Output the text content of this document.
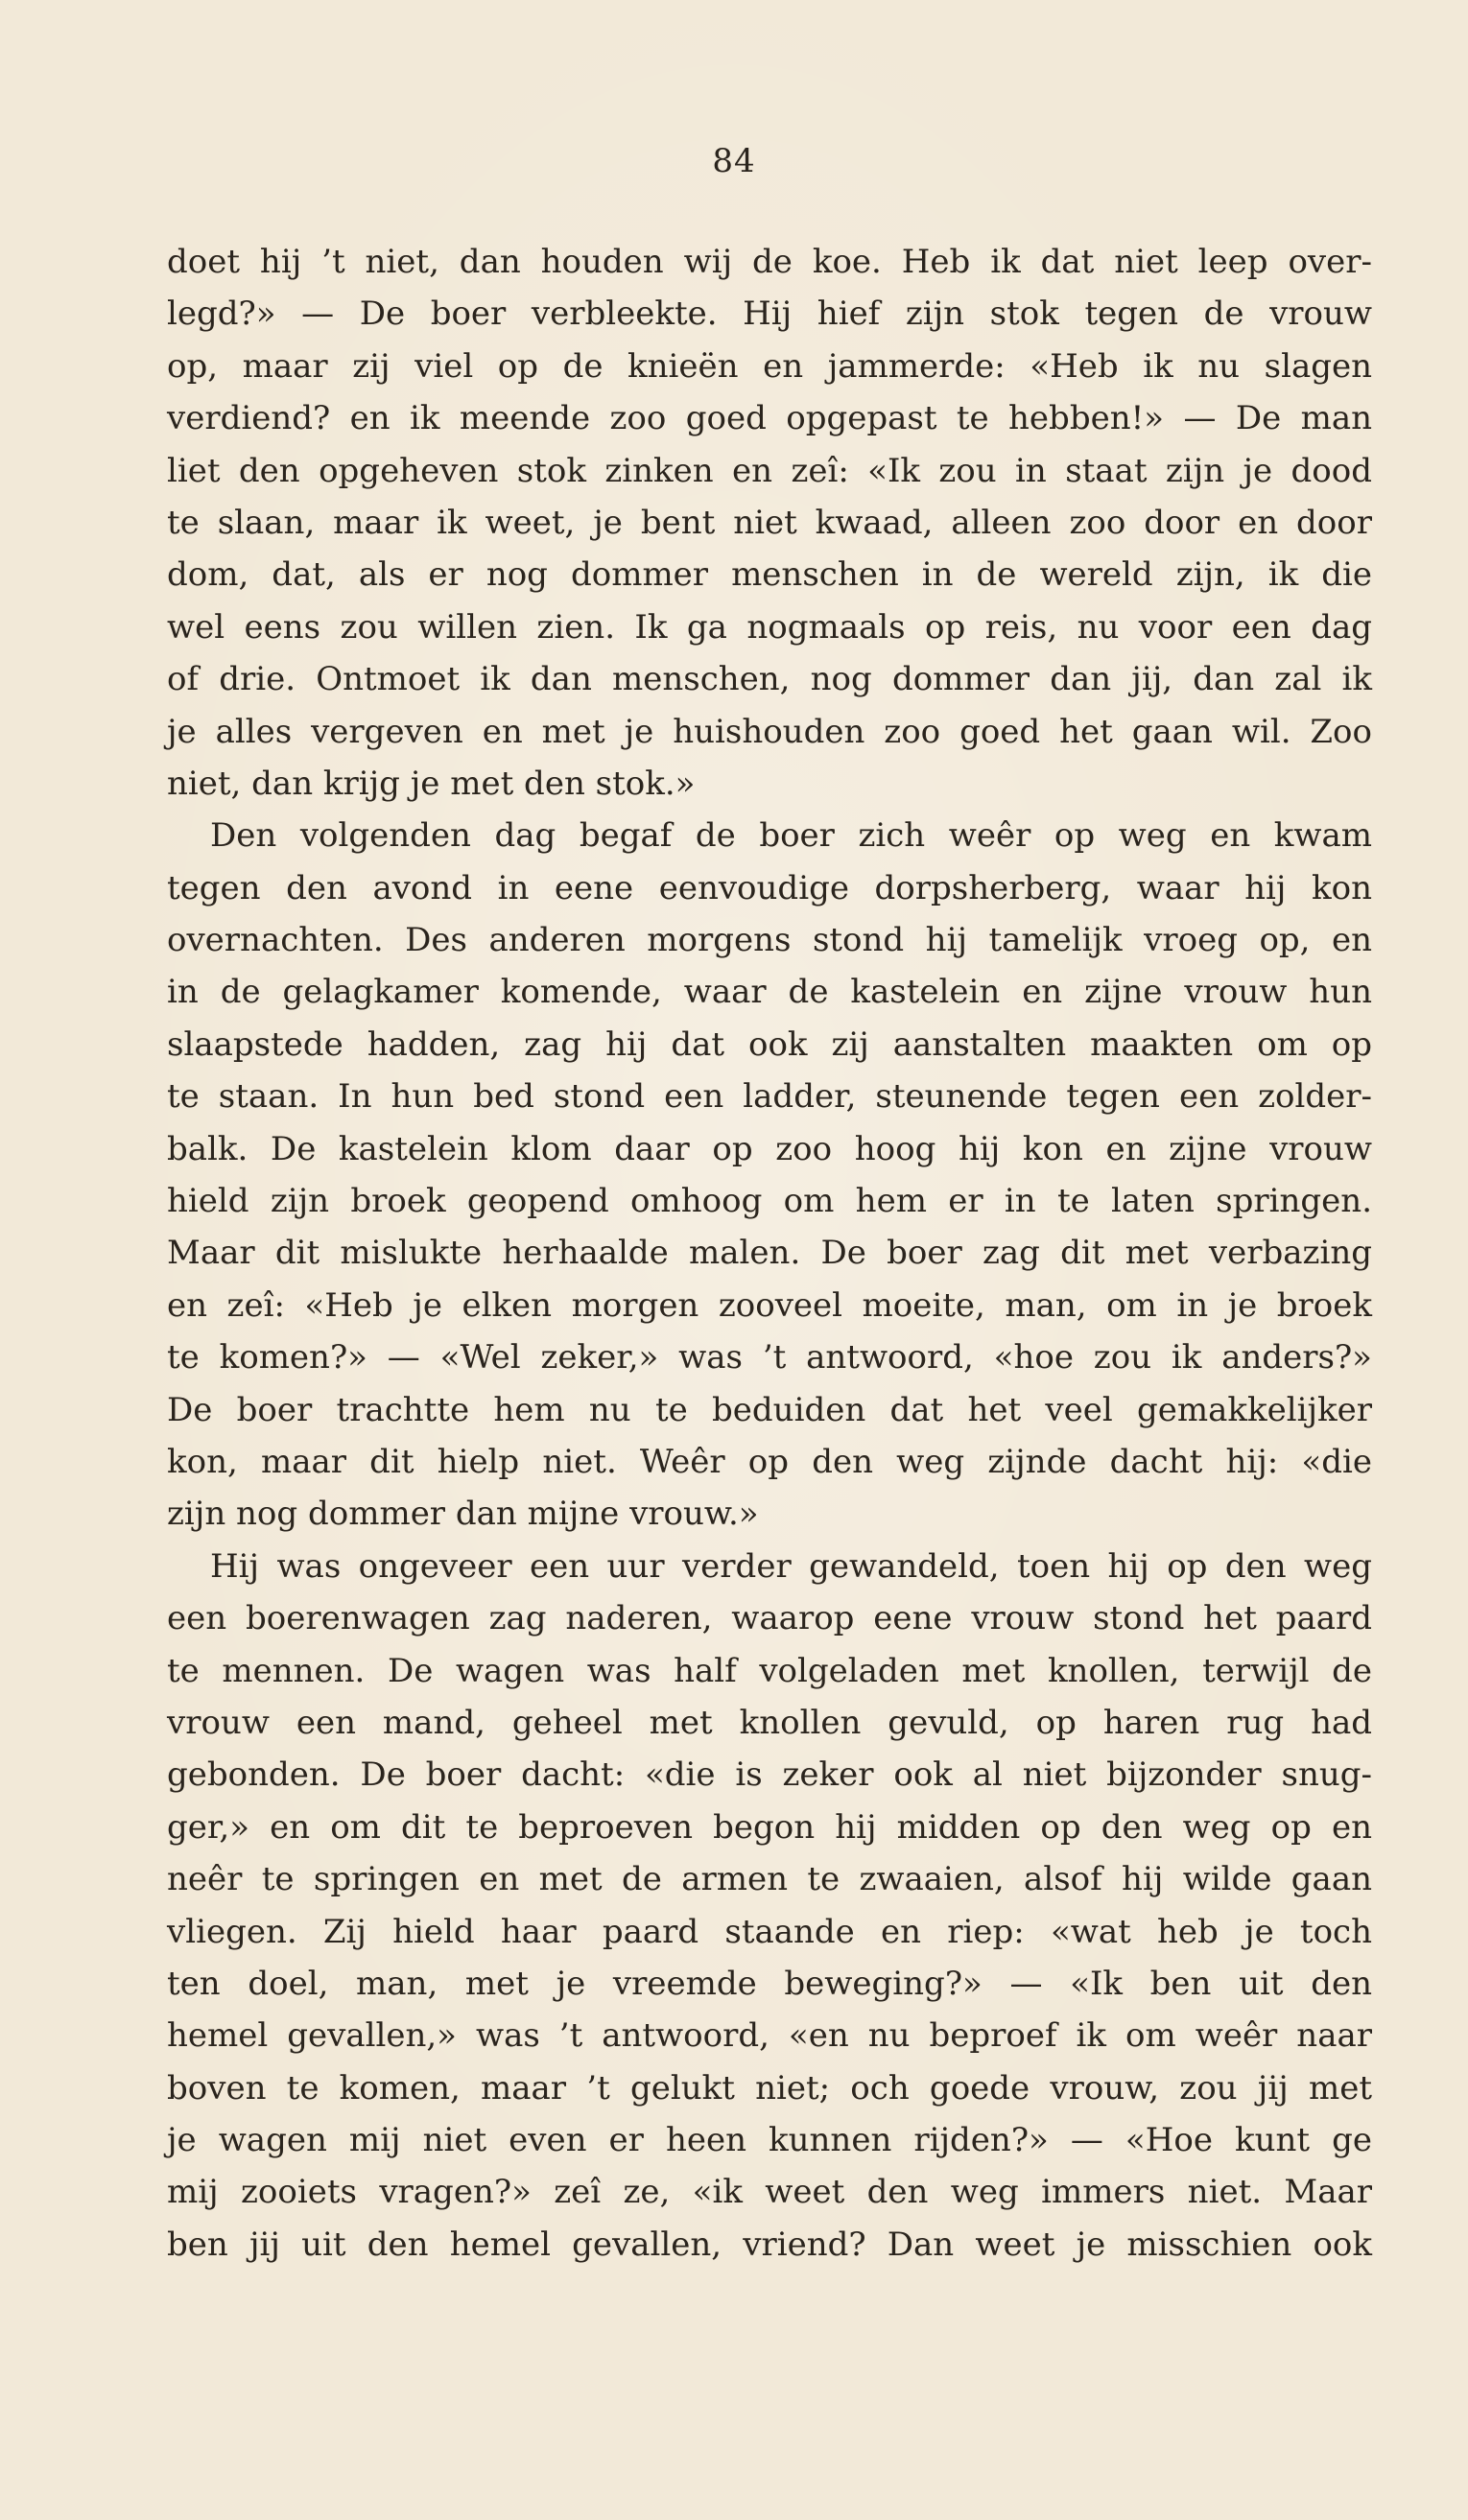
84
doet hij ’t niet, dan houden wij de koe. Heb ik dat niet leep over-
legd?» — De boer verbleekte. Hij hief zijn stok tegen de vrouw
op, maar zij viel op de knieën en jammerde: «Heb ik nu slagen
verdiend? en ik meende zoo goed opgepast te hebben!» — De man
liet den opgeheven stok zinken en zeî: «Ik zou in staat zijn je dood
te slaan, maar ik weet, je bent niet kwaad, alleen zoo door en door
dom, dat, als er nog dommer menschen in de wereld zijn, ik die
wel eens zou willen zien. Ik ga nogmaals op reis, nu voor een dag
of drie. Ontmoet ik dan menschen, nog dommer dan jij, dan zal ik
je alles vergeven en met je huishouden zoo goed het gaan wil. Zoo
niet, dan krijg je met den stok.»
Den volgenden dag begaf de boer zich weêr op weg en kwam
tegen den avond in eene eenvoudige dorpsherberg, waar hij kon
overnachten. Des anderen morgens stond hij tamelijk vroeg op, en
in de gelagkamer komende, waar de kastelein en zijne vrouw hun
slaapstede hadden, zag hij dat ook zij aanstalten maakten om op
te staan. In hun bed stond een ladder, steunende tegen een zolder-
balk. De kastelein klom daar op zoo hoog hij kon en zijne vrouw
hield zijn broek geopend omhoog om hem er in te laten springen.
Maar dit mislukte herhaalde malen. De boer zag dit met verbazing
en zeî: «Heb je elken morgen zooveel moeite, man, om in je broek
te komen?» — «Wel zeker,» was ’t antwoord, «hoe zou ik anders?»
De boer trachtte hem nu te beduiden dat het veel gemakkelijker
kon, maar dit hielp niet. Weêr op den weg zijnde dacht hij: «die
zijn nog dommer dan mijne vrouw.»
Hij was ongeveer een uur verder gewandeld, toen hij op den weg
een boerenwagen zag naderen, waarop eene vrouw stond het paard
te mennen. De wagen was half volgeladen met knollen, terwijl de
vrouw een mand, geheel met knollen gevuld, op haren rug had
gebonden. De boer dacht: «die is zeker ook al niet bijzonder snug-
ger,» en om dit te beproeven begon hij midden op den weg op en
neêr te springen en met de armen te zwaaien, alsof hij wilde gaan
vliegen. Zij hield haar paard staande en riep: «wat heb je toch
ten doel, man, met je vreemde beweging?» — «Ik ben uit den
hemel gevallen,» was ’t antwoord, «en nu beproef ik om weêr naar
boven te komen, maar ’t gelukt niet; och goede vrouw, zou jij met
je wagen mij niet even er heen kunnen rijden?» — «Hoe kunt ge
mij zooiets vragen?» zeî ze, «ik weet den weg immers niet. Maar
ben jij uit den hemel gevallen, vriend? Dan weet je misschien ook
